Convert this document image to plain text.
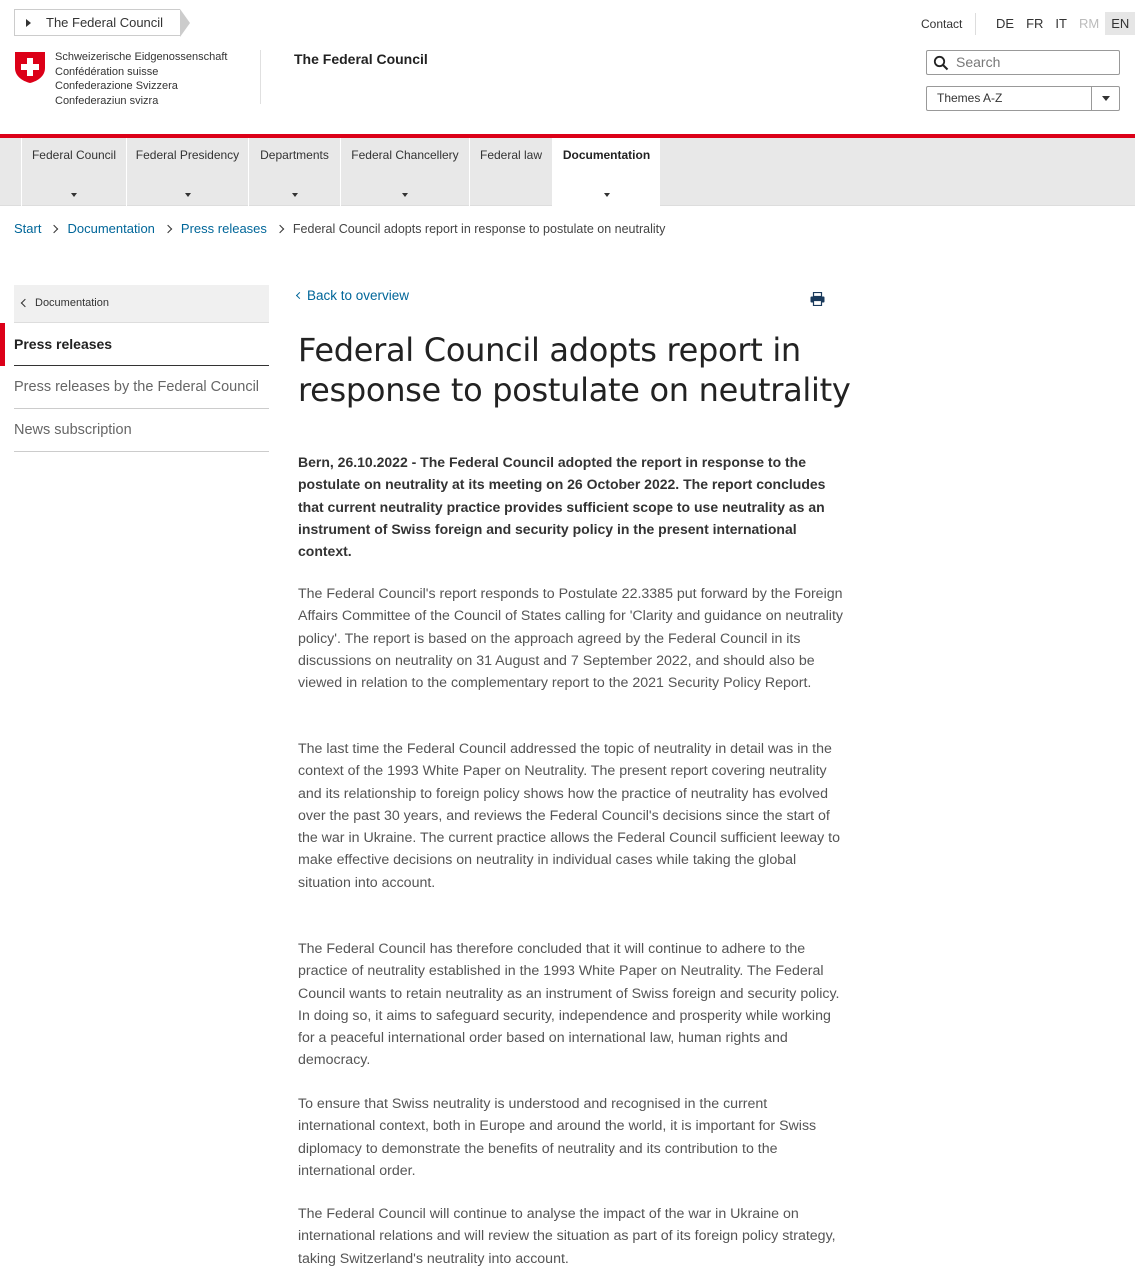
The Federal Council	Contact	DE FR IT RM EN
Schweizerische Eidgenossenschaft
Confédération suisse
Confederazione Svizzera
Confederaziun svizra
The Federal Council	Search
Themes A-Z
Federal Council	Federal Presidency	Departments	Federal Chancellery	Federal law	Documentation
Start Documentation Press releases Federal Council adopts report in response to postulate on neutrality
Documentation
Press releases
Press releases by the Federal Council
News subscription
Back to overview
Federal Council adopts report in response to postulate on neutrality

Bern, 26.10.2022 - The Federal Council adopted the report in response to the postulate on neutrality at its meeting on 26 October 2022. The report concludes that current neutrality practice provides sufficient scope to use neutrality as an instrument of Swiss foreign and security policy in the present international context.

The Federal Council's report responds to Postulate 22.3385 put forward by the Foreign Affairs Committee of the Council of States calling for 'Clarity and guidance on neutrality policy'. The report is based on the approach agreed by the Federal Council in its discussions on neutrality on 31 August and 7 September 2022, and should also be viewed in relation to the complementary report to the 2021 Security Policy Report.

The last time the Federal Council addressed the topic of neutrality in detail was in the context of the 1993 White Paper on Neutrality. The present report covering neutrality and its relationship to foreign policy shows how the practice of neutrality has evolved over the past 30 years, and reviews the Federal Council's decisions since the start of the war in Ukraine. The current practice allows the Federal Council sufficient leeway to make effective decisions on neutrality in individual cases while taking the global situation into account.

The Federal Council has therefore concluded that it will continue to adhere to the practice of neutrality established in the 1993 White Paper on Neutrality. The Federal Council wants to retain neutrality as an instrument of Swiss foreign and security policy. In doing so, it aims to safeguard security, independence and prosperity while working for a peaceful international order based on international law, human rights and democracy.

To ensure that Swiss neutrality is understood and recognised in the current international context, both in Europe and around the world, it is important for Swiss diplomacy to demonstrate the benefits of neutrality and its contribution to the international order.

The Federal Council will continue to analyse the impact of the war in Ukraine on international relations and will review the situation as part of its foreign policy strategy, taking Switzerland's neutrality into account.
